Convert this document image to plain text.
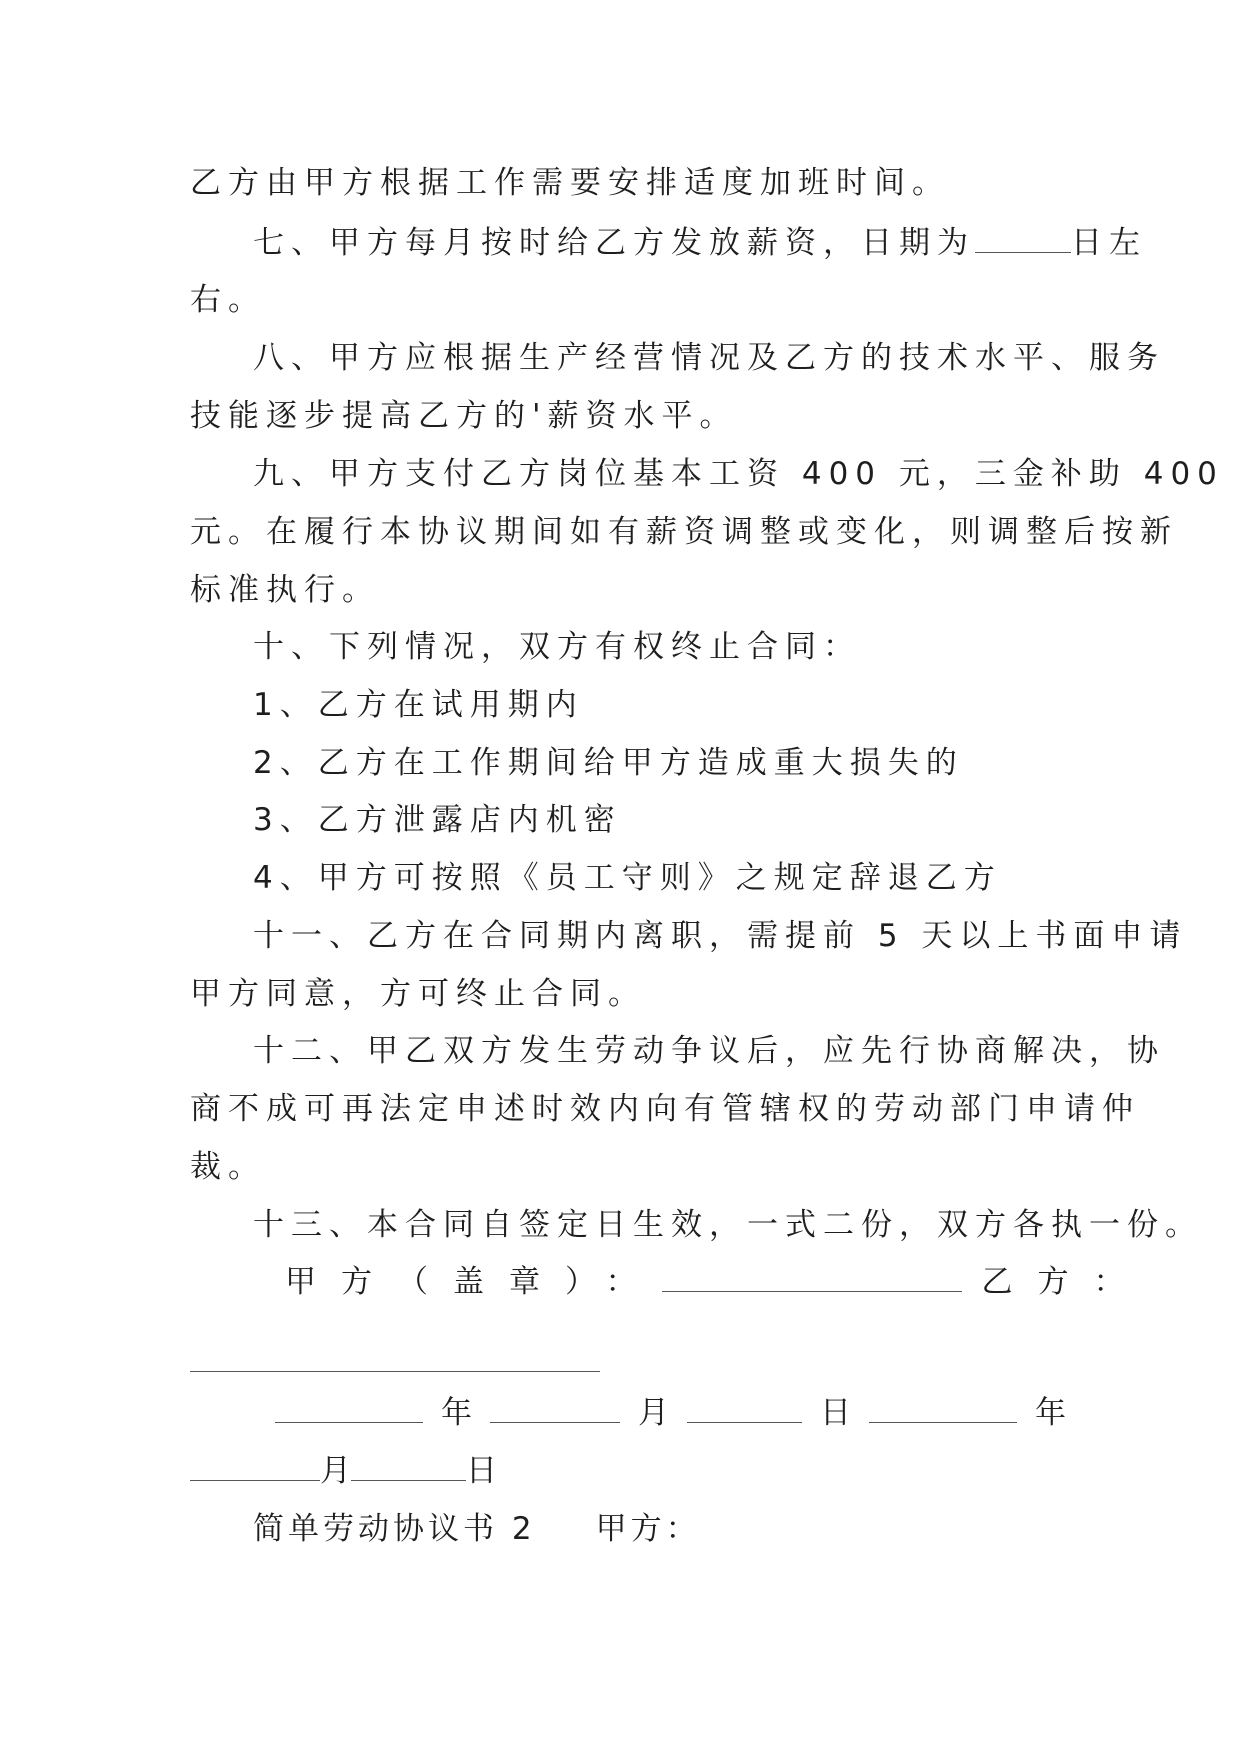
乙方由甲方根据工作需要安排适度加班时间。
七、甲方每月按时给乙方发放薪资，日期为	日左
右。
八、甲方应根据生产经营情况及乙方的技术水平、服务
技能逐步提高乙方的'薪资水平。
九、甲方支付乙方岗位基本工资 400 元，三金补助 400
元。在履行本协议期间如有薪资调整或变化，则调整后按新
标准执行。
十、下列情况，双方有权终止合同：
1、乙方在试用期内
2、乙方在工作期间给甲方造成重大损失的
3、乙方泄露店内机密
4、甲方可按照《员工守则》之规定辞退乙方
十一、乙方在合同期内离职，需提前 5 天以上书面申请
甲方同意，方可终止合同。
十二、甲乙双方发生劳动争议后，应先行协商解决，协
商不成可再法定申述时效内向有管辖权的劳动部门申请仲
裁。
十三、本合同自签定日生效，一式二份，双方各执一份。
甲方（盖章）：	乙方：
年	月	日	年
月	日
简单劳动协议书 2 甲方：
